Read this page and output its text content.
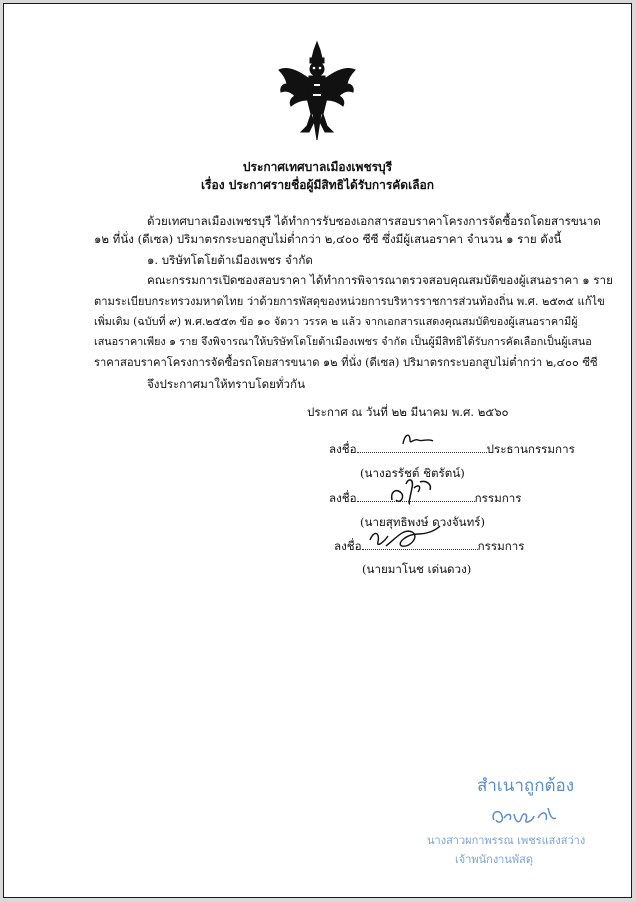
ประกาศเทศบาลเมืองเพชรบุรี
เรื่อง ประกาศรายชื่อผู้มีสิทธิได้รับการคัดเลือก
ด้วยเทศบาลเมืองเพชรบุรี ได้ทำการรับซองเอกสารสอบราคาโครงการจัดซื้อรถโดยสารขนาด
๑๒ ที่นั่ง (ดีเซล) ปริมาตรกระบอกสูบไม่ต่ำกว่า ๒,๔๐๐ ซีซี ซึ่งมีผู้เสนอราคา จำนวน ๑ ราย ดังนี้
๑. บริษัทโตโยต้าเมืองเพชร จำกัด
คณะกรรมการเปิดซองสอบราคา ได้ทำการพิจารณาตรวจสอบคุณสมบัติของผู้เสนอราคา ๑ ราย
ตามระเบียบกระทรวงมหาดไทย ว่าด้วยการพัสดุของหน่วยการบริหารราชการส่วนท้องถิ่น พ.ศ. ๒๕๓๕ แก้ไข
เพิ่มเติม (ฉบับที่ ๙) พ.ศ.๒๕๕๓ ข้อ ๑๐ จัตวา วรรค ๒ แล้ว จากเอกสารแสดงคุณสมบัติของผู้เสนอราคามีผู้
เสนอราคาเพียง ๑ ราย จึงพิจารณาให้บริษัทโตโยต้าเมืองเพชร จำกัด เป็นผู้มีสิทธิได้รับการคัดเลือกเป็นผู้เสนอ
ราคาสอบราคาโครงการจัดซื้อรถโดยสารขนาด ๑๒ ที่นั่ง (ดีเซล) ปริมาตรกระบอกสูบไม่ต่ำกว่า ๒,๔๐๐ ซีซี
จึงประกาศมาให้ทราบโดยทั่วกัน
ประกาศ ณ วันที่ ๒๒ มีนาคม พ.ศ. ๒๕๖๐
ลงชื่อ	ประธานกรรมการ
(นางอรรัชต์ ชิตรัตน์)
ลงชื่อ	กรรมการ
(นายสุทธิพงษ์ ดวงจันทร์)
ลงชื่อ	กรรมการ
(นายมาโนช เด่นดวง)
สำเนาถูกต้อง
นางสาวผกาพรรณ เพชรแสงสว่าง
เจ้าพนักงานพัสดุ
